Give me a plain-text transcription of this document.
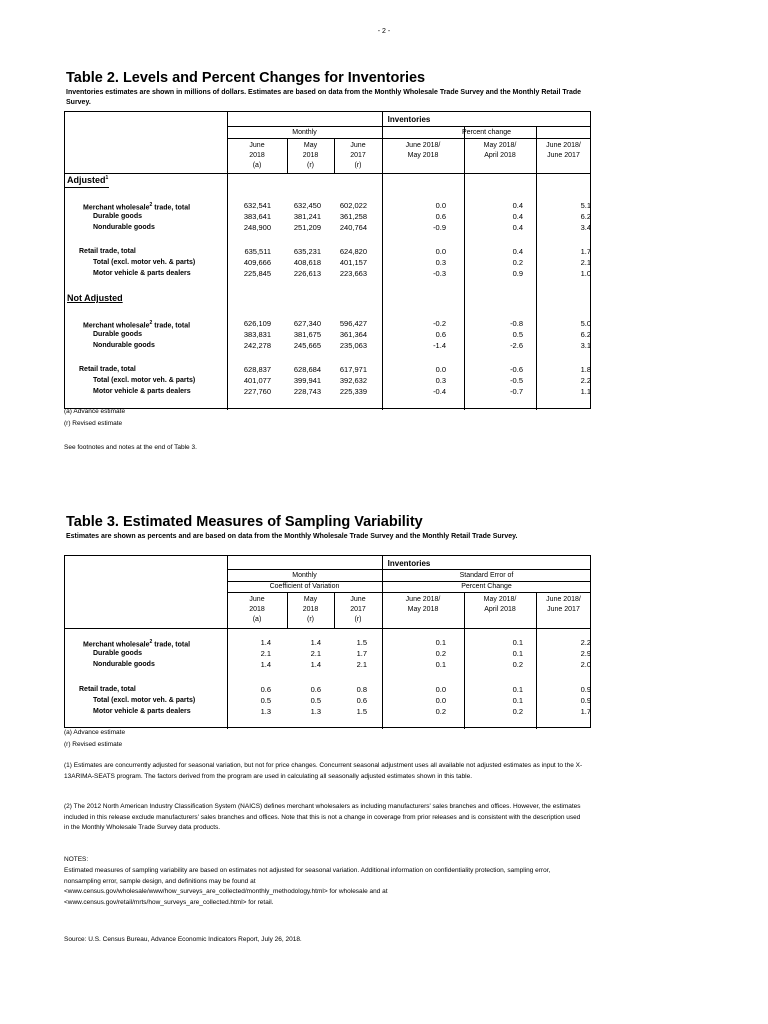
- 2 -
Table 2. Levels and Percent Changes for Inventories
Inventories estimates are shown in millions of dollars. Estimates are based on data from the Monthly Wholesale Trade Survey and the Monthly Retail Trade Survey.
Inventories
Monthly	Percent change
June
2018
(a)
May
2018
(r)
June
2017
(r)
June 2018/
May 2018
May 2018/
April 2018
June 2018/
June 2017
Adjusted$^1$
Merchant wholesale$^2$ trade, total	632,541	632,450	602,022	0.0	0.4	5.1
Durable goods	383,641	381,241	361,258	0.6	0.4	6.2
Nondurable goods	248,900	251,209	240,764	-0.9	0.4	3.4
Retail trade, total	635,511	635,231	624,820	0.0	0.4	1.7
Total (excl. motor veh. & parts)	409,666	408,618	401,157	0.3	0.2	2.1
Motor vehicle & parts dealers	225,845	226,613	223,663	-0.3	0.9	1.0
Not Adjusted
Merchant wholesale$^2$ trade, total	626,109	627,340	596,427	-0.2	-0.8	5.0
Durable goods	383,831	381,675	361,364	0.6	0.5	6.2
Nondurable goods	242,278	245,665	235,063	-1.4	-2.6	3.1
Retail trade, total	628,837	628,684	617,971	0.0	-0.6	1.8
Total (excl. motor veh. & parts)	401,077	399,941	392,632	0.3	-0.5	2.2
Motor vehicle & parts dealers	227,760	228,743	225,339	-0.4	-0.7	1.1
(a) Advance estimate
(r) Revised estimate
See footnotes and notes at the end of Table 3.
Table 3. Estimated Measures of Sampling Variability
Estimates are shown as percents and are based on data from the Monthly Wholesale Trade Survey and the Monthly Retail Trade Survey.
Inventories
Monthly
Coefficient of Variation
Standard Error of
Percent Change
June
2018
(a)
May
2018
(r)
June
2017
(r)
June 2018/
May 2018
May 2018/
April 2018
June 2018/
June 2017
Merchant wholesale$^2$ trade, total	1.4	1.4	1.5	0.1	0.1	2.2
Durable goods	2.1	2.1	1.7	0.2	0.1	2.9
Nondurable goods	1.4	1.4	2.1	0.1	0.2	2.0
Retail trade, total	0.6	0.6	0.8	0.0	0.1	0.9
Total (excl. motor veh. & parts)	0.5	0.5	0.6	0.0	0.1	0.9
Motor vehicle & parts dealers	1.3	1.3	1.5	0.2	0.2	1.7
(a) Advance estimate
(r) Revised estimate
(1) Estimates are concurrently adjusted for seasonal variation, but not for price changes. Concurrent seasonal adjustment uses all available not adjusted estimates as input to the X-13ARIMA-SEATS program. The factors derived from the program are used in calculating all seasonally adjusted estimates shown in this table.
(2) The 2012 North American Industry Classification System (NAICS) defines merchant wholesalers as including manufacturers' sales branches and offices. However, the estimates included in this release exclude manufacturers' sales branches and offices. Note that this is not a change in coverage from prior releases and is consistent with the description used in the Monthly Wholesale Trade Survey data products.
NOTES:
Estimated measures of sampling variability are based on estimates not adjusted for seasonal variation. Additional information on confidentiality protection, sampling error, nonsampling error, sample design, and definitions may be found at
<www.census.gov/wholesale/www/how_surveys_are_collected/monthly_methodology.html> for wholesale and at
<www.census.gov/retail/mrts/how_surveys_are_collected.html> for retail.
Source: U.S. Census Bureau, Advance Economic Indicators Report, July 26, 2018.
